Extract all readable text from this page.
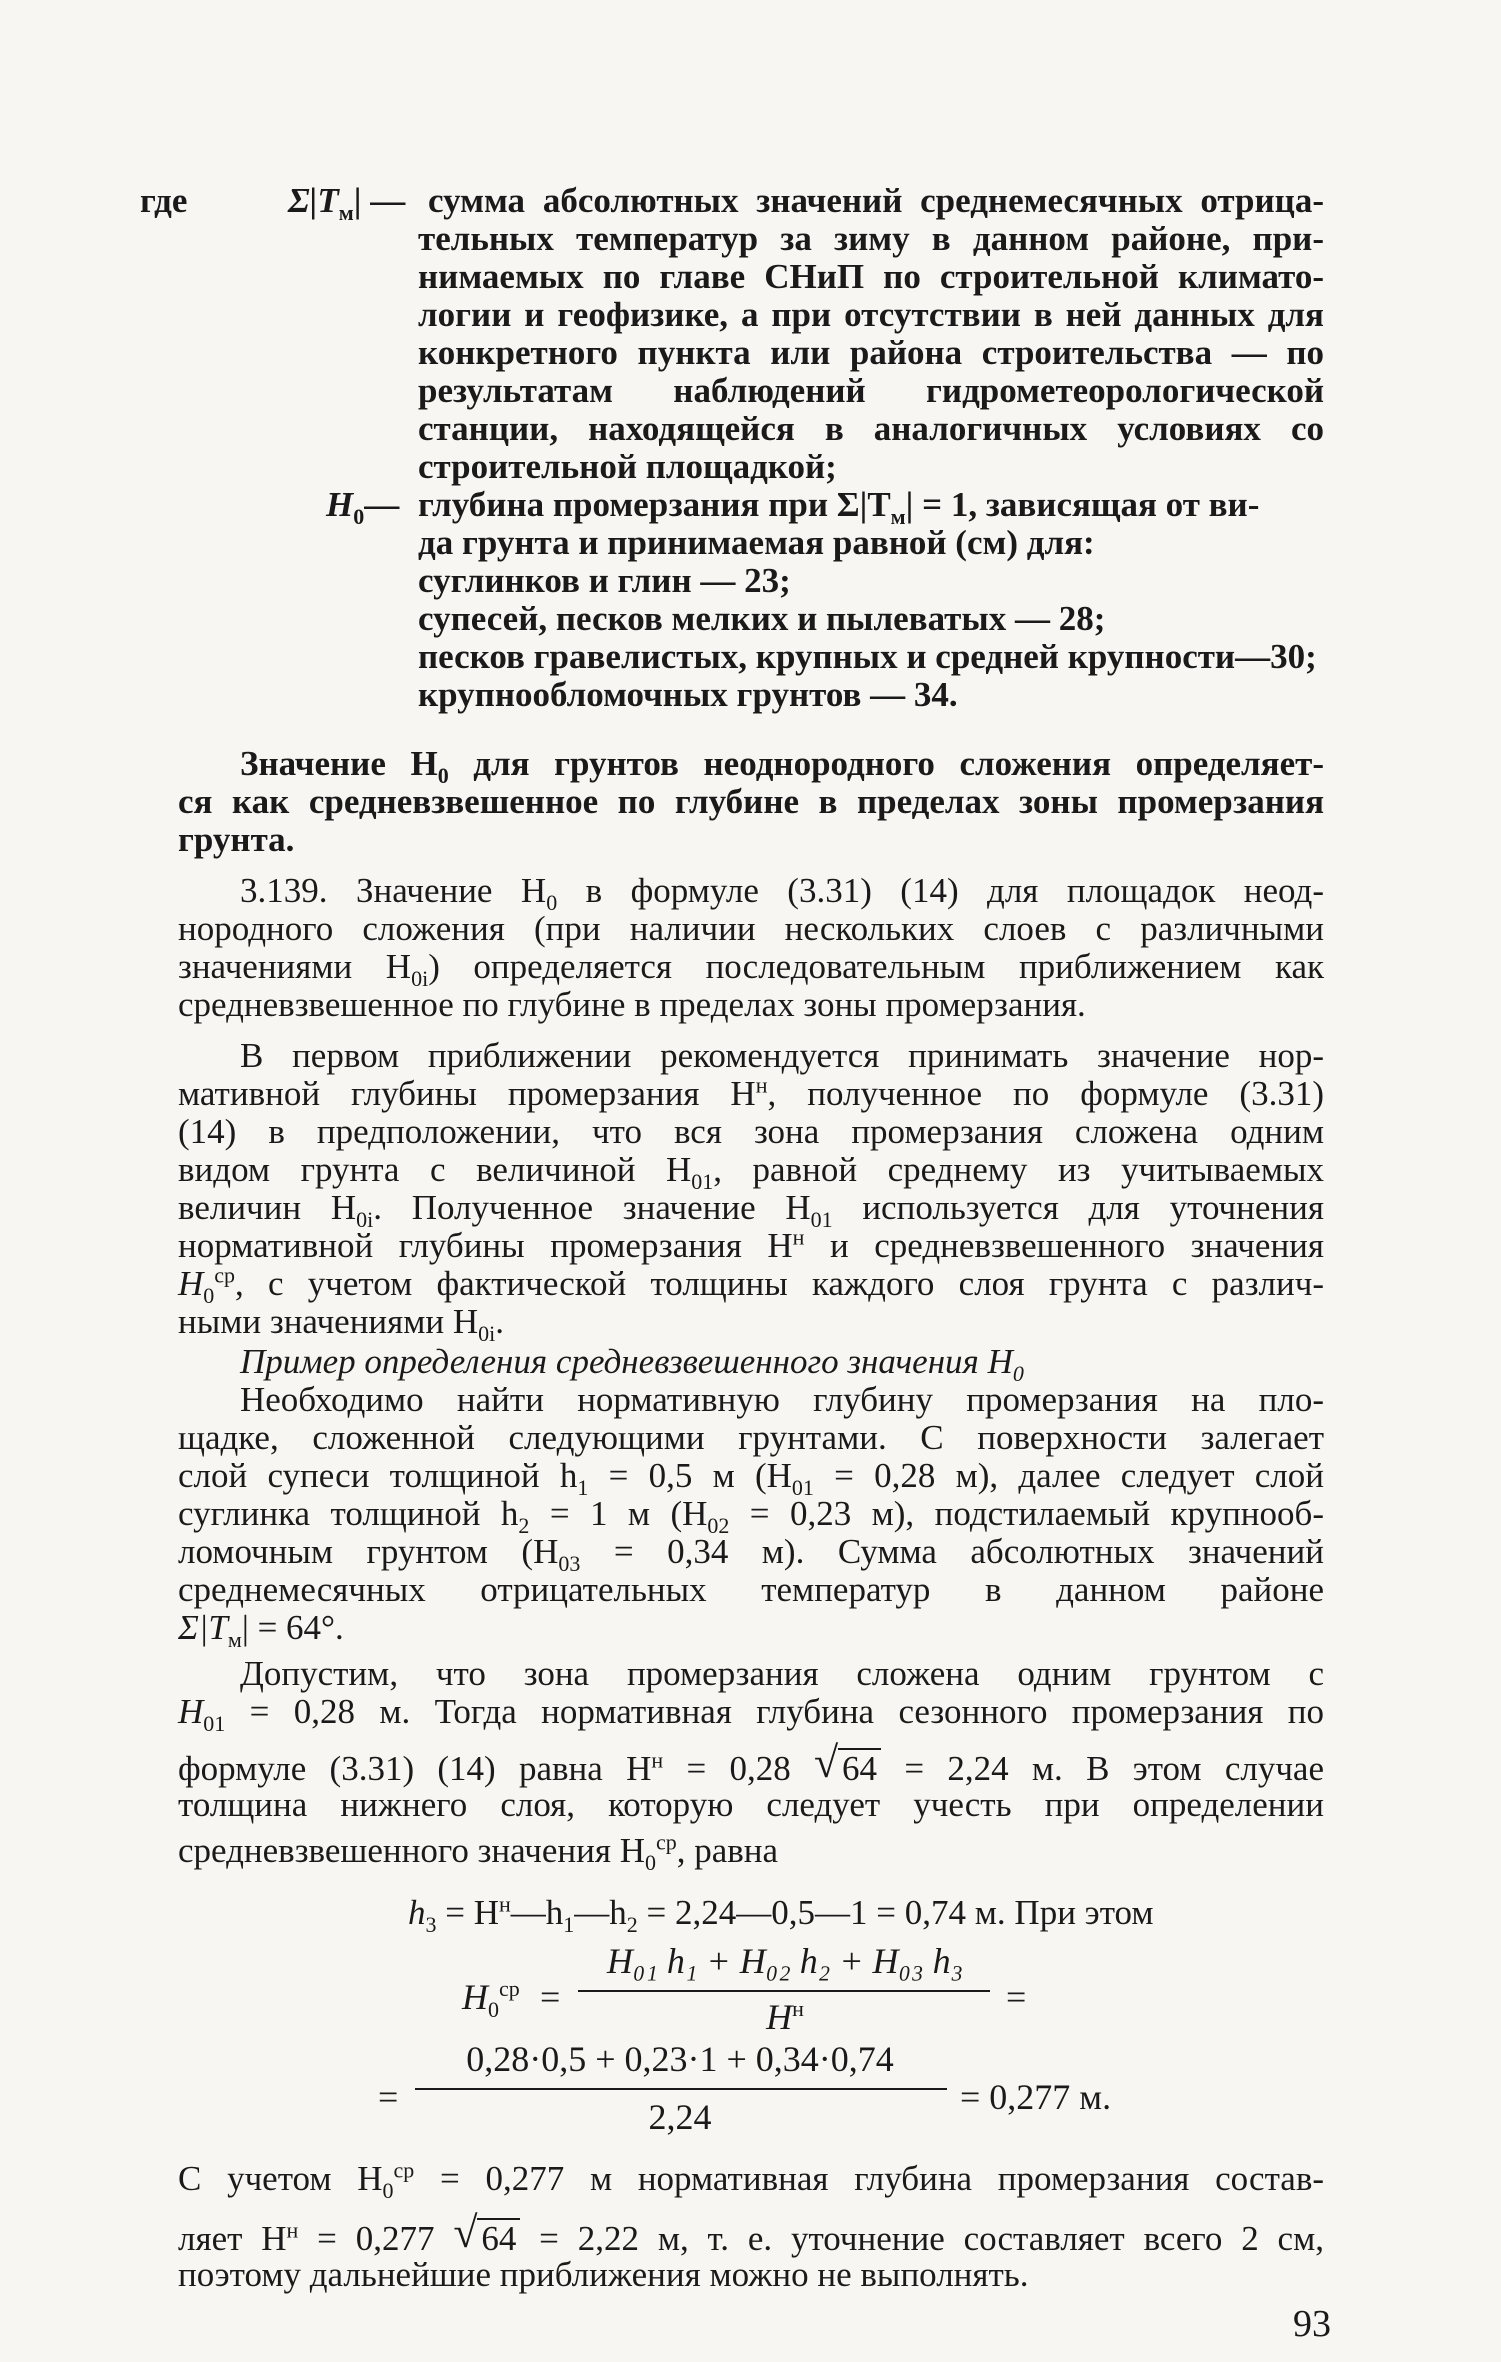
где	$\Sigma|T_м|$ — сумма абсолютных значений среднемесячных отрица-
тельных температур за зиму в данном районе, при-
нимаемых по главе СНиП по строительной климато-
логии и геофизике, а при отсутствии в ней данных для
конкретного пункта или района строительства — по
результатам наблюдений гидрометеорологической
станции, находящейся в аналогичных условиях со
строительной площадкой;
$H_0—$ глубина промерзания при $\Sigma|T_м| = 1$, зависящая от ви-
да грунта и принимаемая равной (см) для:
суглинков и глин — 23;
супесей, песков мелких и пылеватых — 28;
песков гравелистых, крупных и средней крупности—30;
крупнообломочных грунтов — 34.
Значение $H_0$ для грунтов неоднородного сложения определяет-
ся как средневзвешенное по глубине в пределах зоны промерзания
грунта.
3.139. Значение $H_0$ в формуле (3.31) (14) для площадок неод-
нородного сложения (при наличии нескольких слоев с различными
значениями $H_{0i}$) определяется последовательным приближением как
средневзвешенное по глубине в пределах зоны промерзания.
В первом приближении рекомендуется принимать значение нор-
мативной глубины промерзания $H^н$, полученное по формуле (3.31)
(14) в предположении, что вся зона промерзания сложена одним
видом грунта с величиной $H_{01}$, равной среднему из учитываемых
величин $H_{0i}$. Полученное значение $H_{01}$ используется для уточнения
нормативной глубины промерзания $H^н$ и средневзвешенного значения
$H_0^{ср}$, с учетом фактической толщины каждого слоя грунта с различ-
ными значениями $H_{0i}$.
Пример определения средневзвешенного значения $H_0$
Необходимо найти нормативную глубину промерзания на пло-
щадке, сложенной следующими грунтами. С поверхности залегает
слой супеси толщиной $h_1 = 0,5$ м ($H_{01} = 0,28$ м), далее следует слой
суглинка толщиной $h_2 = 1$ м ($H_{02} = 0,23$ м), подстилаемый крупнооб-
ломочным грунтом ($H_{03} = 0,34$ м). Сумма абсолютных значений
среднемесячных отрицательных температур в данном районе
$\Sigma|T_м| = 64^\circ$.
Допустим, что зона промерзания сложена одним грунтом с
$H_{01} = 0,28$ м. Тогда нормативная глубина сезонного промерзания по
формуле (3.31) (14) равна $H^н = 0,28$ √ 64 = 2,24 м. В этом случае
толщина нижнего слоя, которую следует учесть при определении
средневзвешенного значения $H_0^{ср}$, равна
$h_3$ = $H^н—h_1—h_2$ = 2,24—0,5—1 = 0,74 м. При этом
$H_0^{ср}$ =
H₀₁ h₁ + H₀₂ h₂ + H₀₃ h₃
$H^н$	=
=
0,28·0,5 + 0,23·1 + 0,34·0,74
2,24	= 0,277 м.
С учетом $H_0^{ср} = 0,277$ м нормативная глубина промерзания состав-
ляет $H^н = 0,277$ √ 64 = 2,22 м, т. е. уточнение составляет всего 2 см,
поэтому дальнейшие приближения можно не выполнять.
93
